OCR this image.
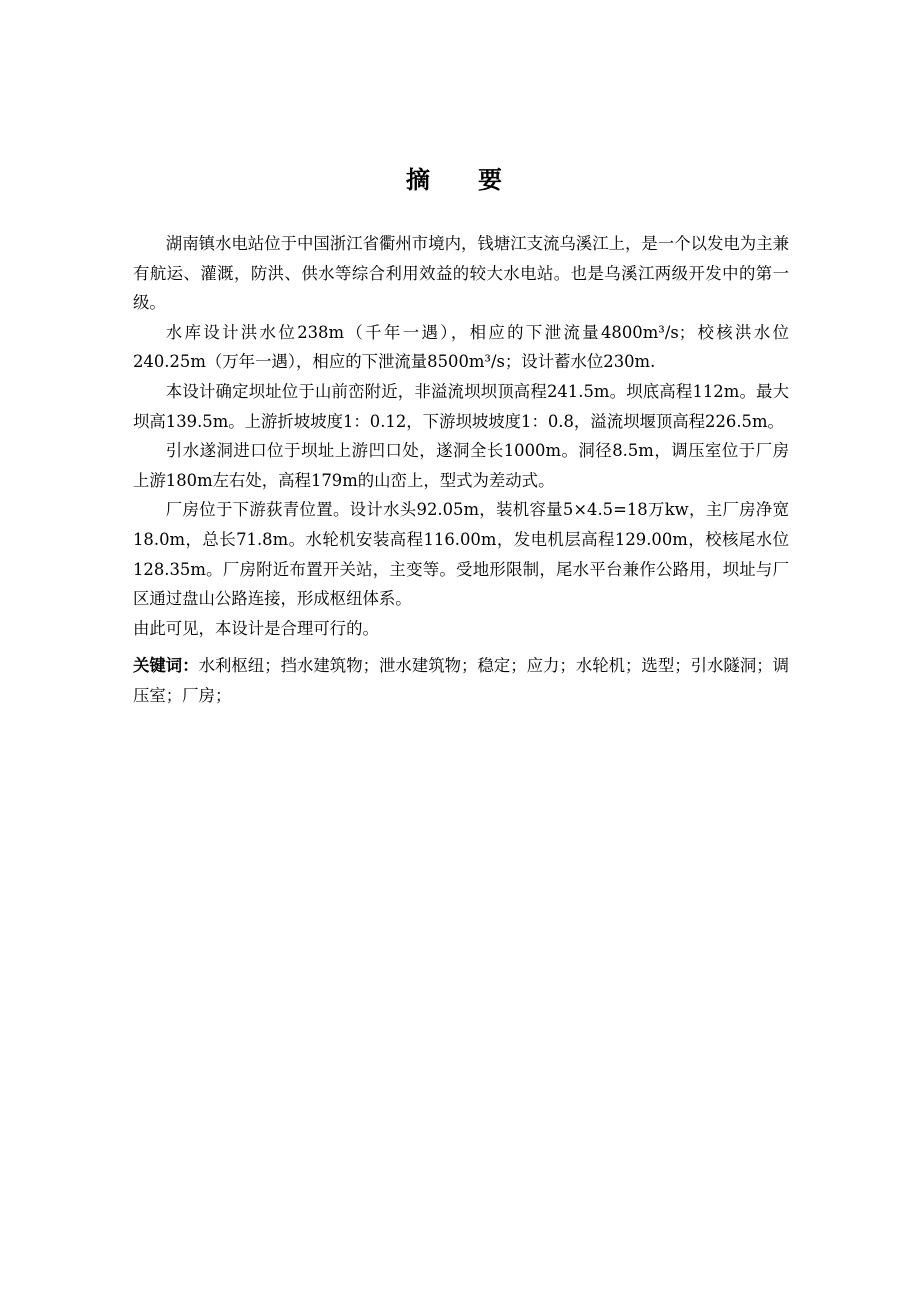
摘　要

湖南镇水电站位于中国浙江省衢州市境内，钱塘江支流乌溪江上，是一个以发电为主兼有航运、灌溉，防洪、供水等综合利用效益的较大水电站。也是乌溪江两级开发中的第一级。

水库设计洪水位238m（千年一遇），相应的下泄流量4800m³/s；校核洪水位240.25m（万年一遇），相应的下泄流量8500m³/s；设计蓄水位230m.

本设计确定坝址位于山前峦附近，非溢流坝坝顶高程241.5m。坝底高程112m。最大坝高139.5m。上游折坡坡度1：0.12，下游坝坡坡度1：0.8，溢流坝堰顶高程226.5m。

引水遂洞进口位于坝址上游凹口处，遂洞全长1000m。洞径8.5m，调压室位于厂房上游180m左右处，高程179m的山峦上，型式为差动式。

厂房位于下游荻青位置。设计水头92.05m，装机容量5×4.5=18万kw，主厂房净宽18.0m，总长71.8m。水轮机安装高程116.00m，发电机层高程129.00m，校核尾水位128.35m。厂房附近布置开关站，主变等。受地形限制，尾水平台兼作公路用，坝址与厂区通过盘山公路连接，形成枢纽体系。

由此可见，本设计是合理可行的。

关键词：水利枢纽；挡水建筑物；泄水建筑物；稳定；应力；水轮机；选型；引水隧洞；调压室；厂房；
